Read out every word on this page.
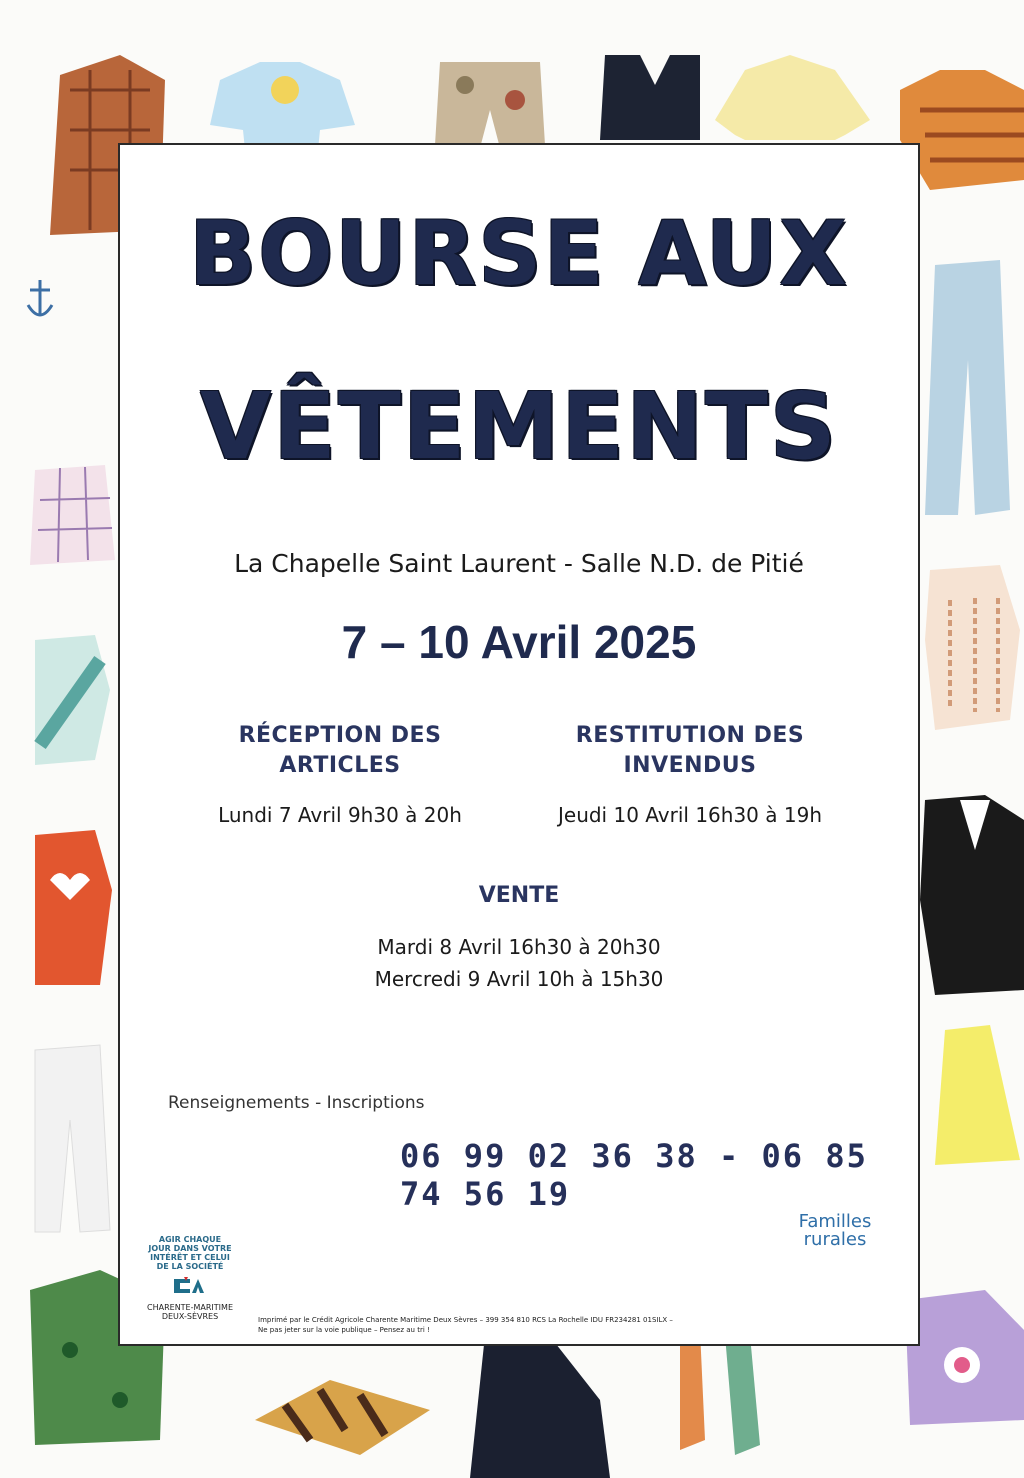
BOURSE AUX
VÊTEMENTS
La Chapelle Saint Laurent - Salle N.D. de Pitié
7 – 10 Avril 2025
RÉCEPTION DES
ARTICLES
Lundi 7 Avril 9h30 à 20h
RESTITUTION DES
INVENDUS
Jeudi 10 Avril 16h30 à 19h
VENTE
Mardi 8 Avril 16h30 à 20h30
Mercredi 9 Avril 10h à 15h30
Renseignements - Inscriptions
06 99 02 36 38 - 06 85 74 56 19
AGIR CHAQUE
JOUR DANS VOTRE
INTÉRÊT ET CELUI
DE LA SOCIÉTÉ
CHARENTE-MARITIME
DEUX-SÈVRES	Imprimé par le Crédit Agricole Charente Maritime Deux Sèvres – 399 354 810 RCS La Rochelle IDU FR234281 01SILX –
Ne pas jeter sur la voie publique – Pensez au tri !
Familles
rurales
